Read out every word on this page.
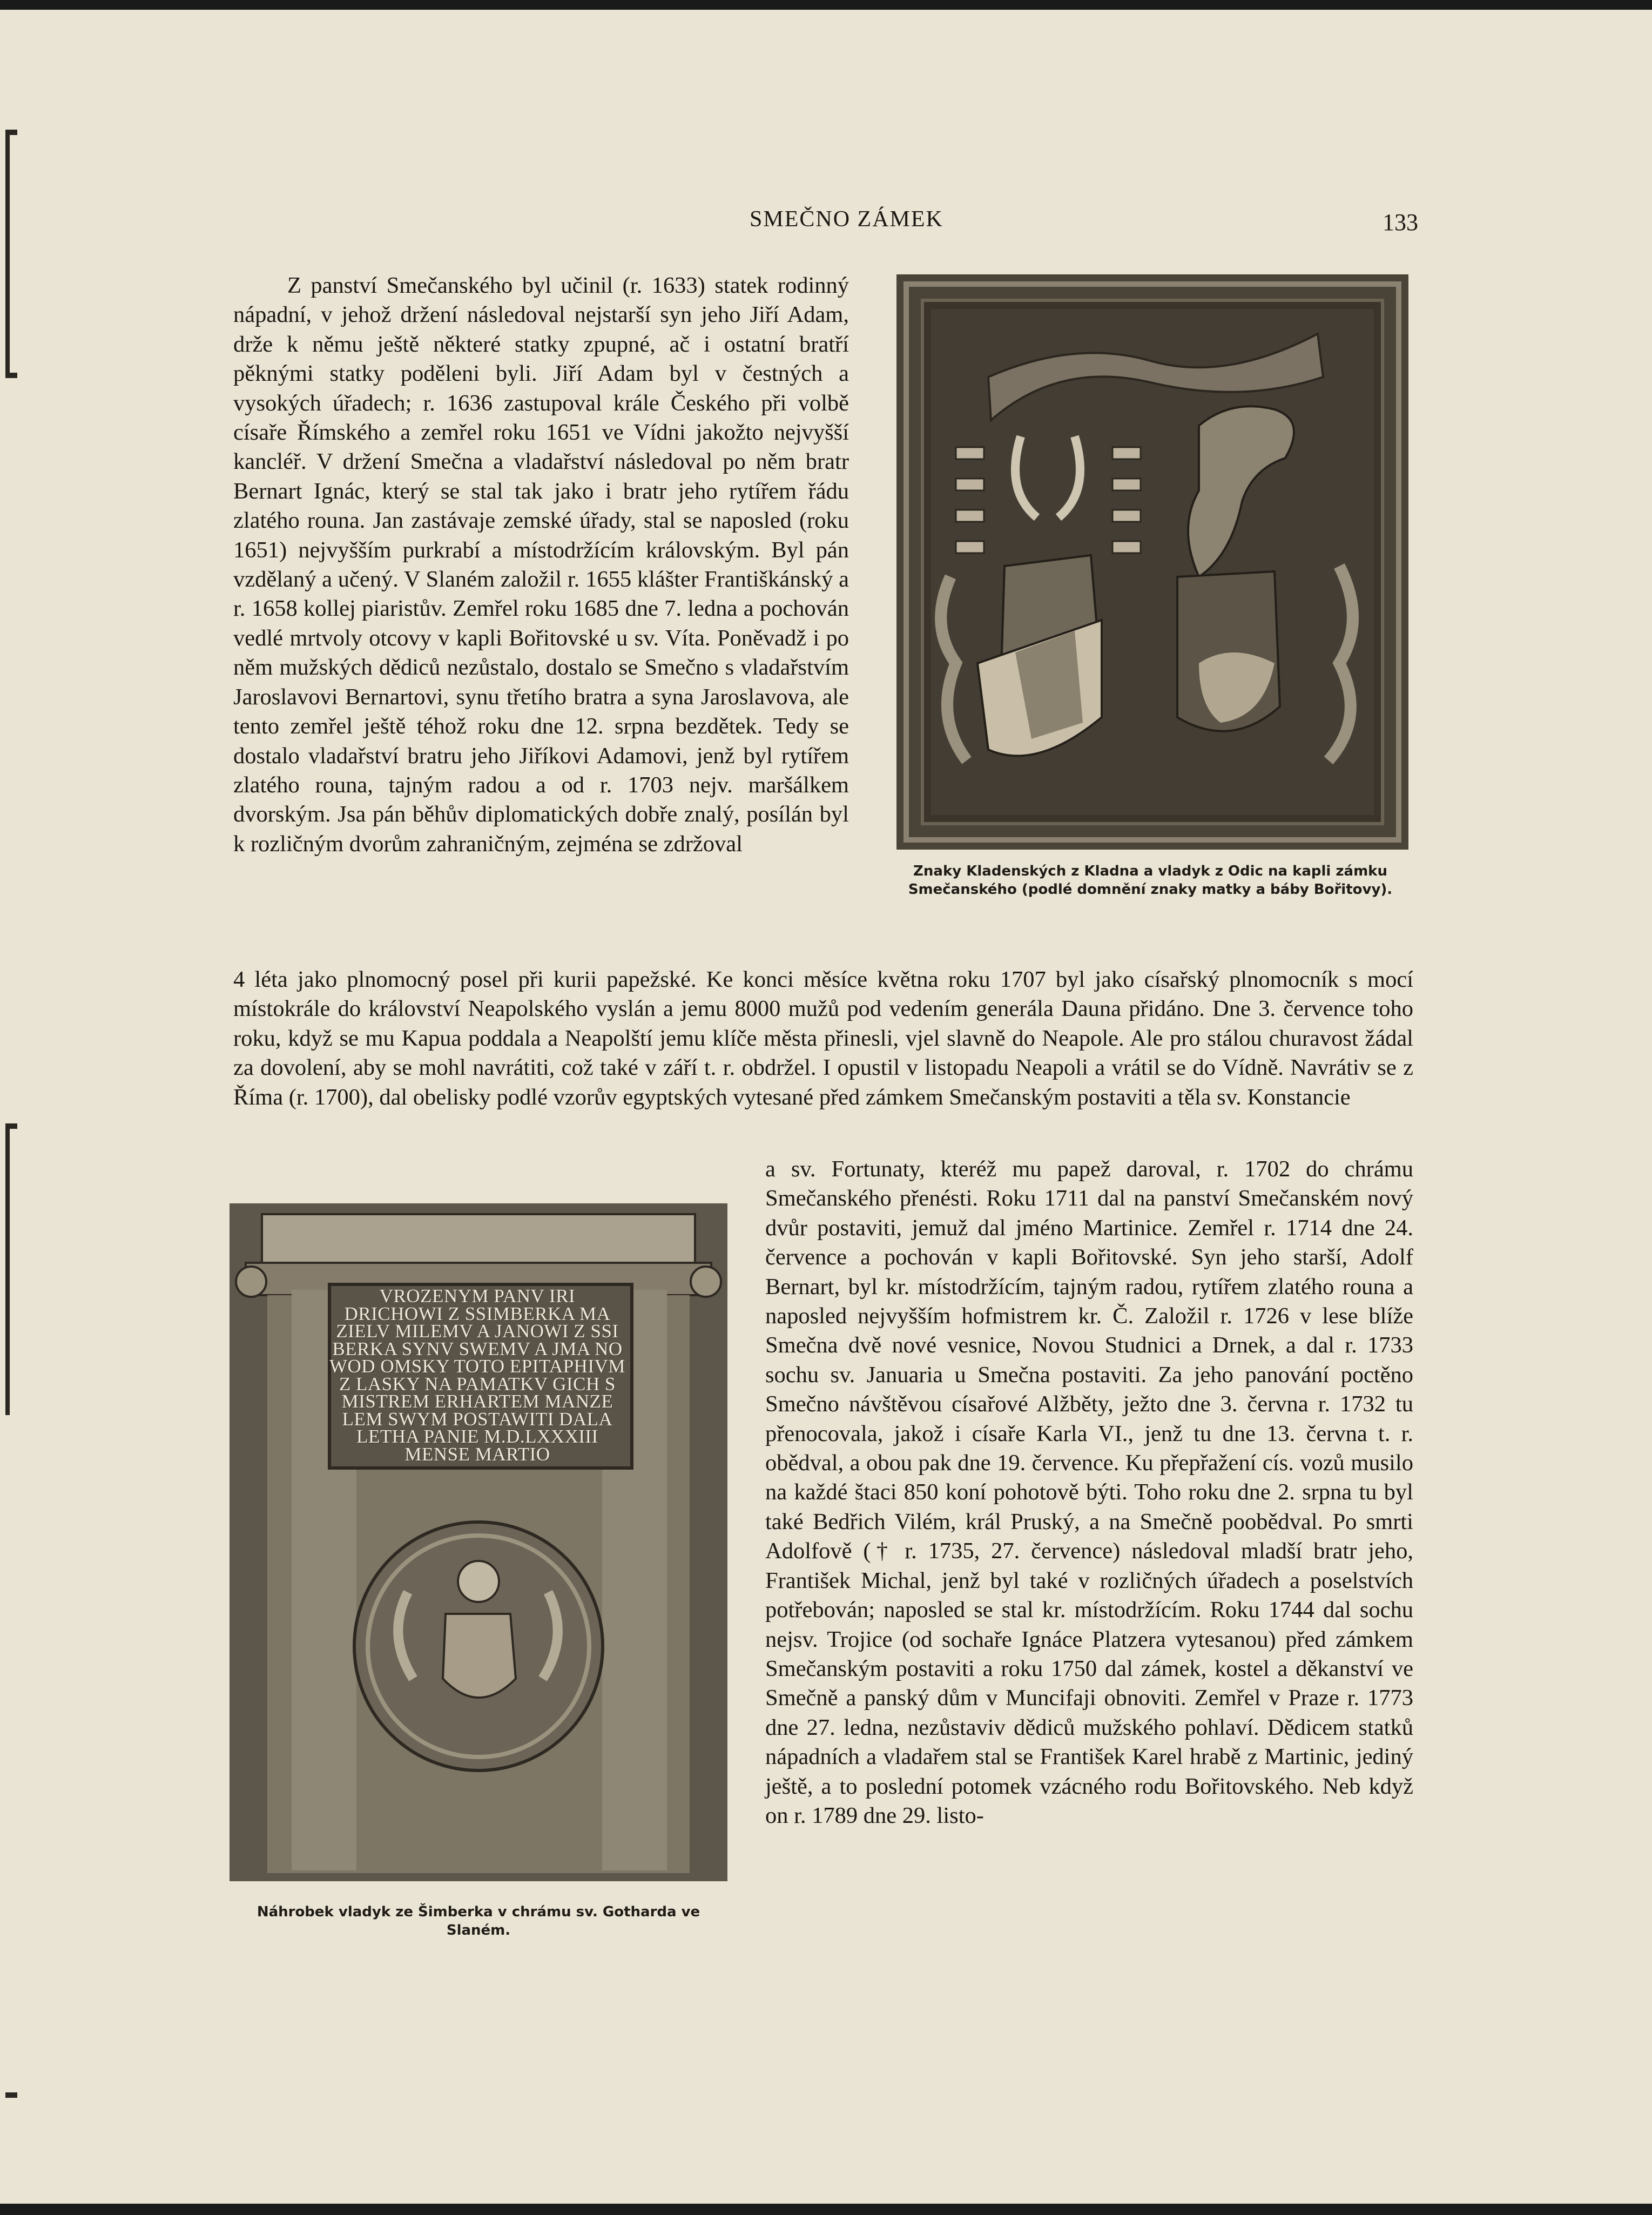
SMEČNO ZÁMEK	133

Z panství Smečanského byl učinil (r. 1633) statek rodinný nápadní, v jehož držení následoval nejstarší syn jeho Jiří Adam, drže k němu ještě některé statky zpupné, ač i ostatní bratří pěknými statky poděleni byli. Jiří Adam byl v čestných a vysokých úřadech; r. 1636 zastupoval krále Českého při volbě císaře Římského a zemřel roku 1651 ve Vídni jakožto nejvyšší kancléř. V držení Smečna a vladařství následoval po něm bratr Bernart Ignác, který se stal tak jako i bratr jeho rytířem řádu zlatého rouna. Jan zastávaje zemské úřady, stal se naposled (roku 1651) nejvyšším purkrabí a místodržícím královským. Byl pán vzdělaný a učený. V Slaném založil r. 1655 klášter Františkánský a r. 1658 kollej piaristův. Zemřel roku 1685 dne 7. ledna a pochován vedlé mrtvoly otcovy v kapli Bořitovské u sv. Víta. Poněvadž i po něm mužských dědiců nezůstalo, dostalo se Smečno s vladařstvím Jaroslavovi Bernartovi, synu třetího bratra a syna Jaroslavova, ale tento zemřel ještě téhož roku dne 12. srpna bezdětek. Tedy se dostalo vladařství bratru jeho Jiříkovi Adamovi, jenž byl rytířem zlatého rouna, tajným radou a od r. 1703 nejv. maršálkem dvorským. Jsa pán běhův diplomatických dobře znalý, posílán byl k rozličným dvorům zahraničným, zejména se zdržoval

Znaky Kladenských z Kladna a vladyk z Odic na kapli zámku Smečanského (podlé domnění znaky matky a báby Bořitovy).

4 léta jako plnomocný posel při kurii papežské. Ke konci měsíce května roku 1707 byl jako císařský plnomocník s mocí místokrále do království Neapolského vyslán a jemu 8000 mužů pod vedením generála Dauna přidáno. Dne 3. července toho roku, když se mu Kapua poddala a Neapolští jemu klíče města přinesli, vjel slavně do Neapole. Ale pro stálou churavost žádal za dovolení, aby se mohl navrátiti, což také v září t. r. obdržel. I opustil v listopadu Neapoli a vrátil se do Vídně. Navrátiv se z Říma (r. 1700), dal obelisky podlé vzorův egyptských vytesané před zámkem Smečanským postaviti a těla sv. Konstancie

VROZENYM PANV IRI
DRICHOWI Z SSIMBERKA MA
ZIELV MILEMV A JANOWI Z SSI
BERKA SYNV SWEMV A JMA NO
WOD OMSKY TOTO EPITAPHIVM
Z LASKY NA PAMATKV GICH S
MISTREM ERHARTEM MANZE
LEM SWYM POSTAWITI DALA
LETHA PANIE M.D.LXXXIII
MENSE MARTIO
Náhrobek vladyk ze Šimberka v chrámu sv. Gotharda ve Slaném.

a sv. Fortunaty, kteréž mu papež daroval, r. 1702 do chrámu Smečanského přenésti. Roku 1711 dal na panství Smečanském nový dvůr postaviti, jemuž dal jméno Martinice. Zemřel r. 1714 dne 24. července a pochován v kapli Bořitovské. Syn jeho starší, Adolf Bernart, byl kr. místodržícím, tajným radou, rytířem zlatého rouna a naposled nejvyšším hofmistrem kr. Č. Založil r. 1726 v lese blíže Smečna dvě nové vesnice, Novou Studnici a Drnek, a dal r. 1733 sochu sv. Januaria u Smečna postaviti. Za jeho panování poctěno Smečno návštěvou císařové Alžběty, ježto dne 3. června r. 1732 tu přenocovala, jakož i císaře Karla VI., jenž tu dne 13. června t. r. obědval, a obou pak dne 19. července. Ku přepřažení cís. vozů musilo na každé štaci 850 koní pohotově býti. Toho roku dne 2. srpna tu byl také Bedřich Vilém, král Pruský, a na Smečně poobědval. Po smrti Adolfově († r. 1735, 27. července) následoval mladší bratr jeho, František Michal, jenž byl také v rozličných úřadech a poselstvích potřebován; naposled se stal kr. místodržícím. Roku 1744 dal sochu nejsv. Trojice (od sochaře Ignáce Platzera vytesanou) před zámkem Smečanským postaviti a roku 1750 dal zámek, kostel a děkanství ve Smečně a panský dům v Muncifaji obnoviti. Zemřel v Praze r. 1773 dne 27. ledna, nezůstaviv dědiců mužského pohlaví. Dědicem statků nápadních a vladařem stal se František Karel hrabě z Martinic, jediný ještě, a to poslední potomek vzácného rodu Bořitovského. Neb když on r. 1789 dne 29. listo-
